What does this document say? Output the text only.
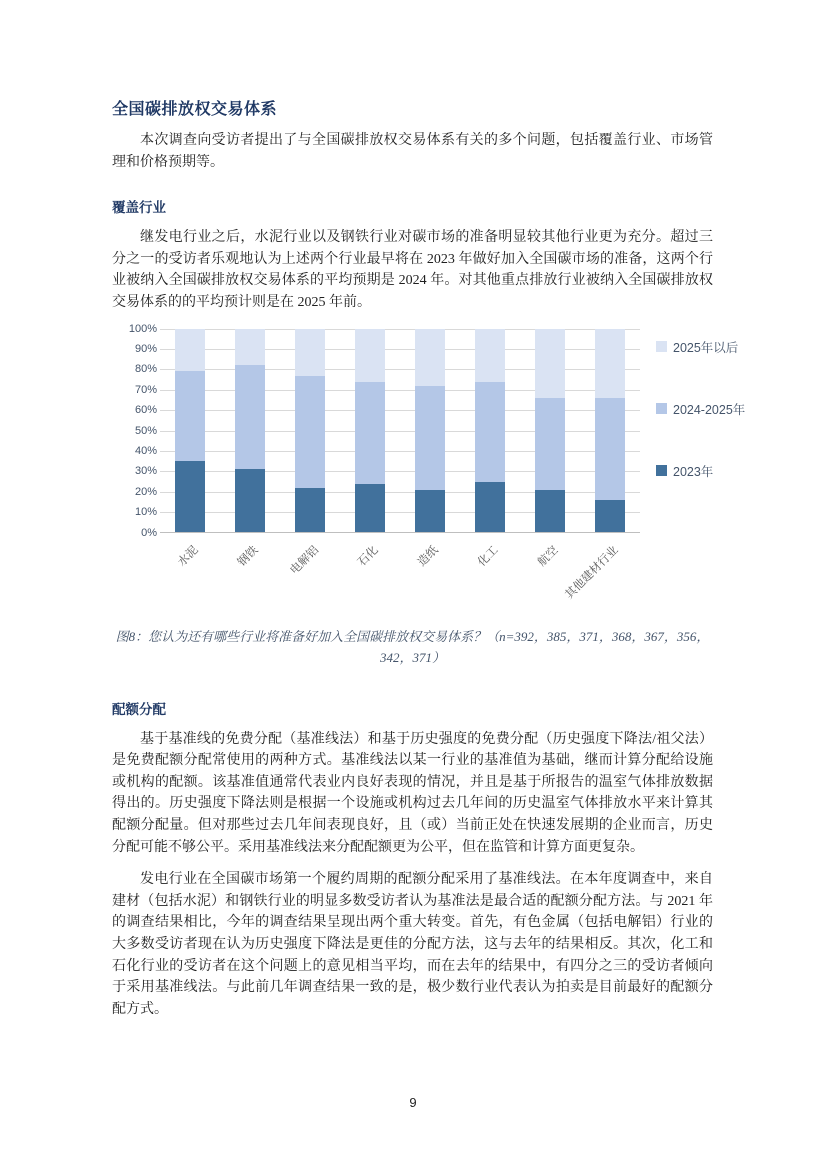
全国碳排放权交易体系

本次调查向受访者提出了与全国碳排放权交易体系有关的多个问题，包括覆盖行业、市场管理和价格预期等。

覆盖行业

继发电行业之后，水泥行业以及钢铁行业对碳市场的准备明显较其他行业更为充分。超过三分之一的受访者乐观地认为上述两个行业最早将在 2023 年做好加入全国碳市场的准备，这两个行业被纳入全国碳排放权交易体系的平均预期是 2024 年。对其他重点排放行业被纳入全国碳排放权交易体系的的平均预计则是在 2025 年前。

0%
10%
20%
30%
40%
50%
60%
70%
80%
90%
100%
水泥	钢铁 电解铝	石化	造纸	化工	航空 其他建材行业
2025年以后
2024-2025年
2023年

图8：您认为还有哪些行业将准备好加入全国碳排放权交易体系？（n=392，385，371，368，367，356，342，371）

配额分配

基于基准线的免费分配（基准线法）和基于历史强度的免费分配（历史强度下降法/祖父法）是免费配额分配常使用的两种方式。基准线法以某一行业的基准值为基础，继而计算分配给设施或机构的配额。该基准值通常代表业内良好表现的情况，并且是基于所报告的温室气体排放数据得出的。历史强度下降法则是根据一个设施或机构过去几年间的历史温室气体排放水平来计算其配额分配量。但对那些过去几年间表现良好，且（或）当前正处在快速发展期的企业而言，历史分配可能不够公平。采用基准线法来分配配额更为公平，但在监管和计算方面更复杂。

发电行业在全国碳市场第一个履约周期的配额分配采用了基准线法。在本年度调查中，来自建材（包括水泥）和钢铁行业的明显多数受访者认为基准法是最合适的配额分配方法。与 2021 年的调查结果相比，今年的调查结果呈现出两个重大转变。首先，有色金属（包括电解铝）行业的大多数受访者现在认为历史强度下降法是更佳的分配方法，这与去年的结果相反。其次，化工和石化行业的受访者在这个问题上的意见相当平均，而在去年的结果中，有四分之三的受访者倾向于采用基准线法。与此前几年调查结果一致的是，极少数行业代表认为拍卖是目前最好的配额分配方式。

9
